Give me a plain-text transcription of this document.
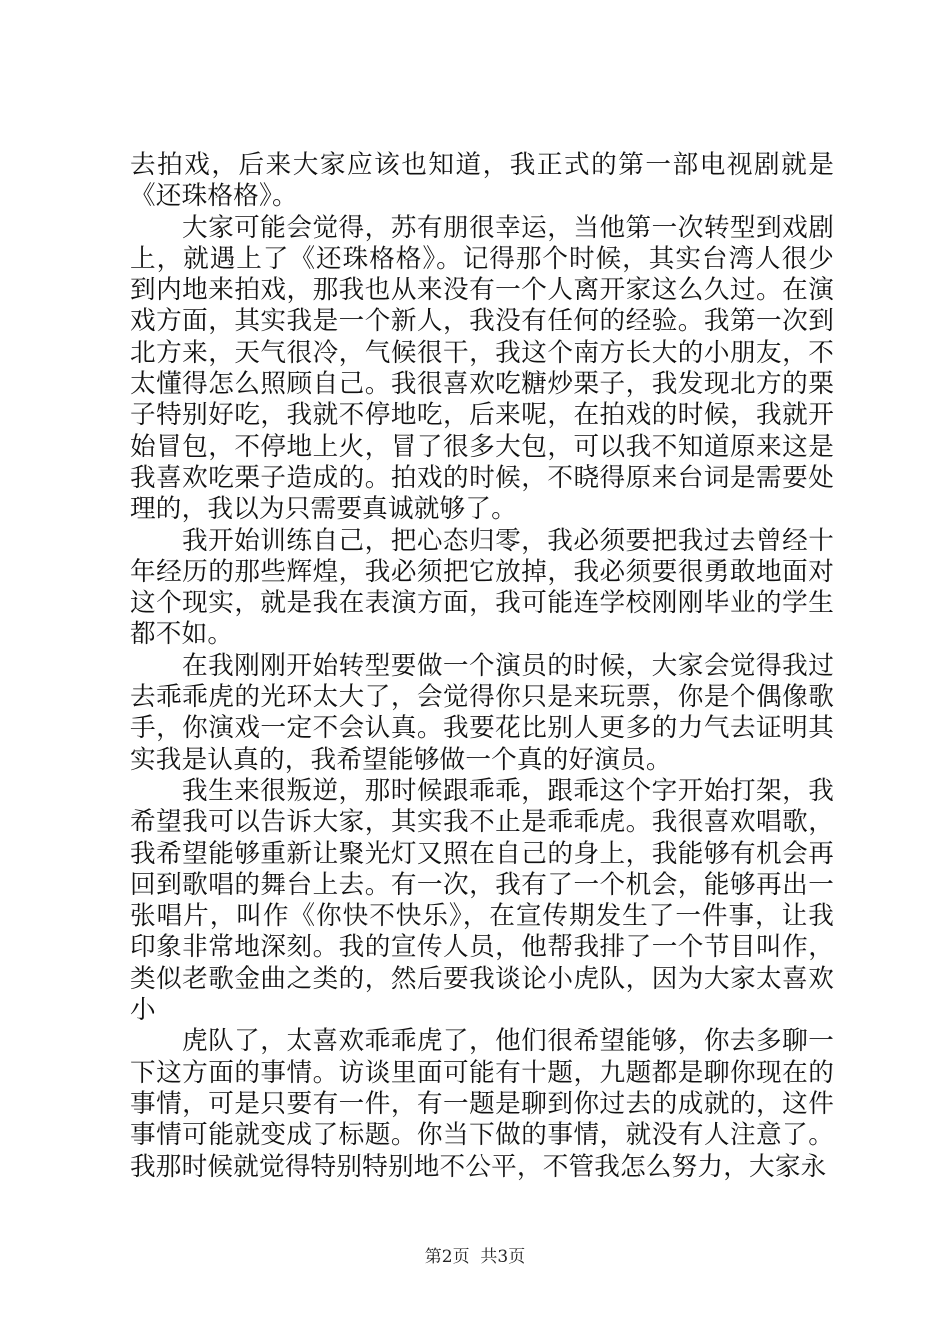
去拍戏，后来大家应该也知道，我正式的第一部电视剧就是《还珠格格》。

大家可能会觉得，苏有朋很幸运，当他第一次转型到戏剧上，就遇上了《还珠格格》。记得那个时候，其实台湾人很少到内地来拍戏，那我也从来没有一个人离开家这么久过。在演戏方面，其实我是一个新人，我没有任何的经验。我第一次到北方来，天气很冷，气候很干，我这个南方长大的小朋友，不太懂得怎么照顾自己。我很喜欢吃糖炒栗子，我发现北方的栗子特别好吃，我就不停地吃，后来呢，在拍戏的时候，我就开始冒包，不停地上火，冒了很多大包，可以我不知道原来这是我喜欢吃栗子造成的。拍戏的时候，不晓得原来台词是需要处理的，我以为只需要真诚就够了。

我开始训练自己，把心态归零，我必须要把我过去曾经十年经历的那些辉煌，我必须把它放掉，我必须要很勇敢地面对这个现实，就是我在表演方面，我可能连学校刚刚毕业的学生都不如。

在我刚刚开始转型要做一个演员的时候，大家会觉得我过去乖乖虎的光环太大了，会觉得你只是来玩票，你是个偶像歌手，你演戏一定不会认真。我要花比别人更多的力气去证明其实我是认真的，我希望能够做一个真的好演员。

我生来很叛逆，那时候跟乖乖，跟乖这个字开始打架，我希望我可以告诉大家，其实我不止是乖乖虎。我很喜欢唱歌，我希望能够重新让聚光灯又照在自己的身上，我能够有机会再回到歌唱的舞台上去。有一次，我有了一个机会，能够再出一张唱片，叫作《你快不快乐》，在宣传期发生了一件事，让我印象非常地深刻。我的宣传人员，他帮我排了一个节目叫作，类似老歌金曲之类的，然后要我谈论小虎队，因为大家太喜欢小

虎队了，太喜欢乖乖虎了，他们很希望能够，你去多聊一下这方面的事情。访谈里面可能有十题，九题都是聊你现在的事情，可是只要有一件，有一题是聊到你过去的成就的，这件事情可能就变成了标题。你当下做的事情，就没有人注意了。我那时候就觉得特别特别地不公平，不管我怎么努力，大家永

第2页 共3页
